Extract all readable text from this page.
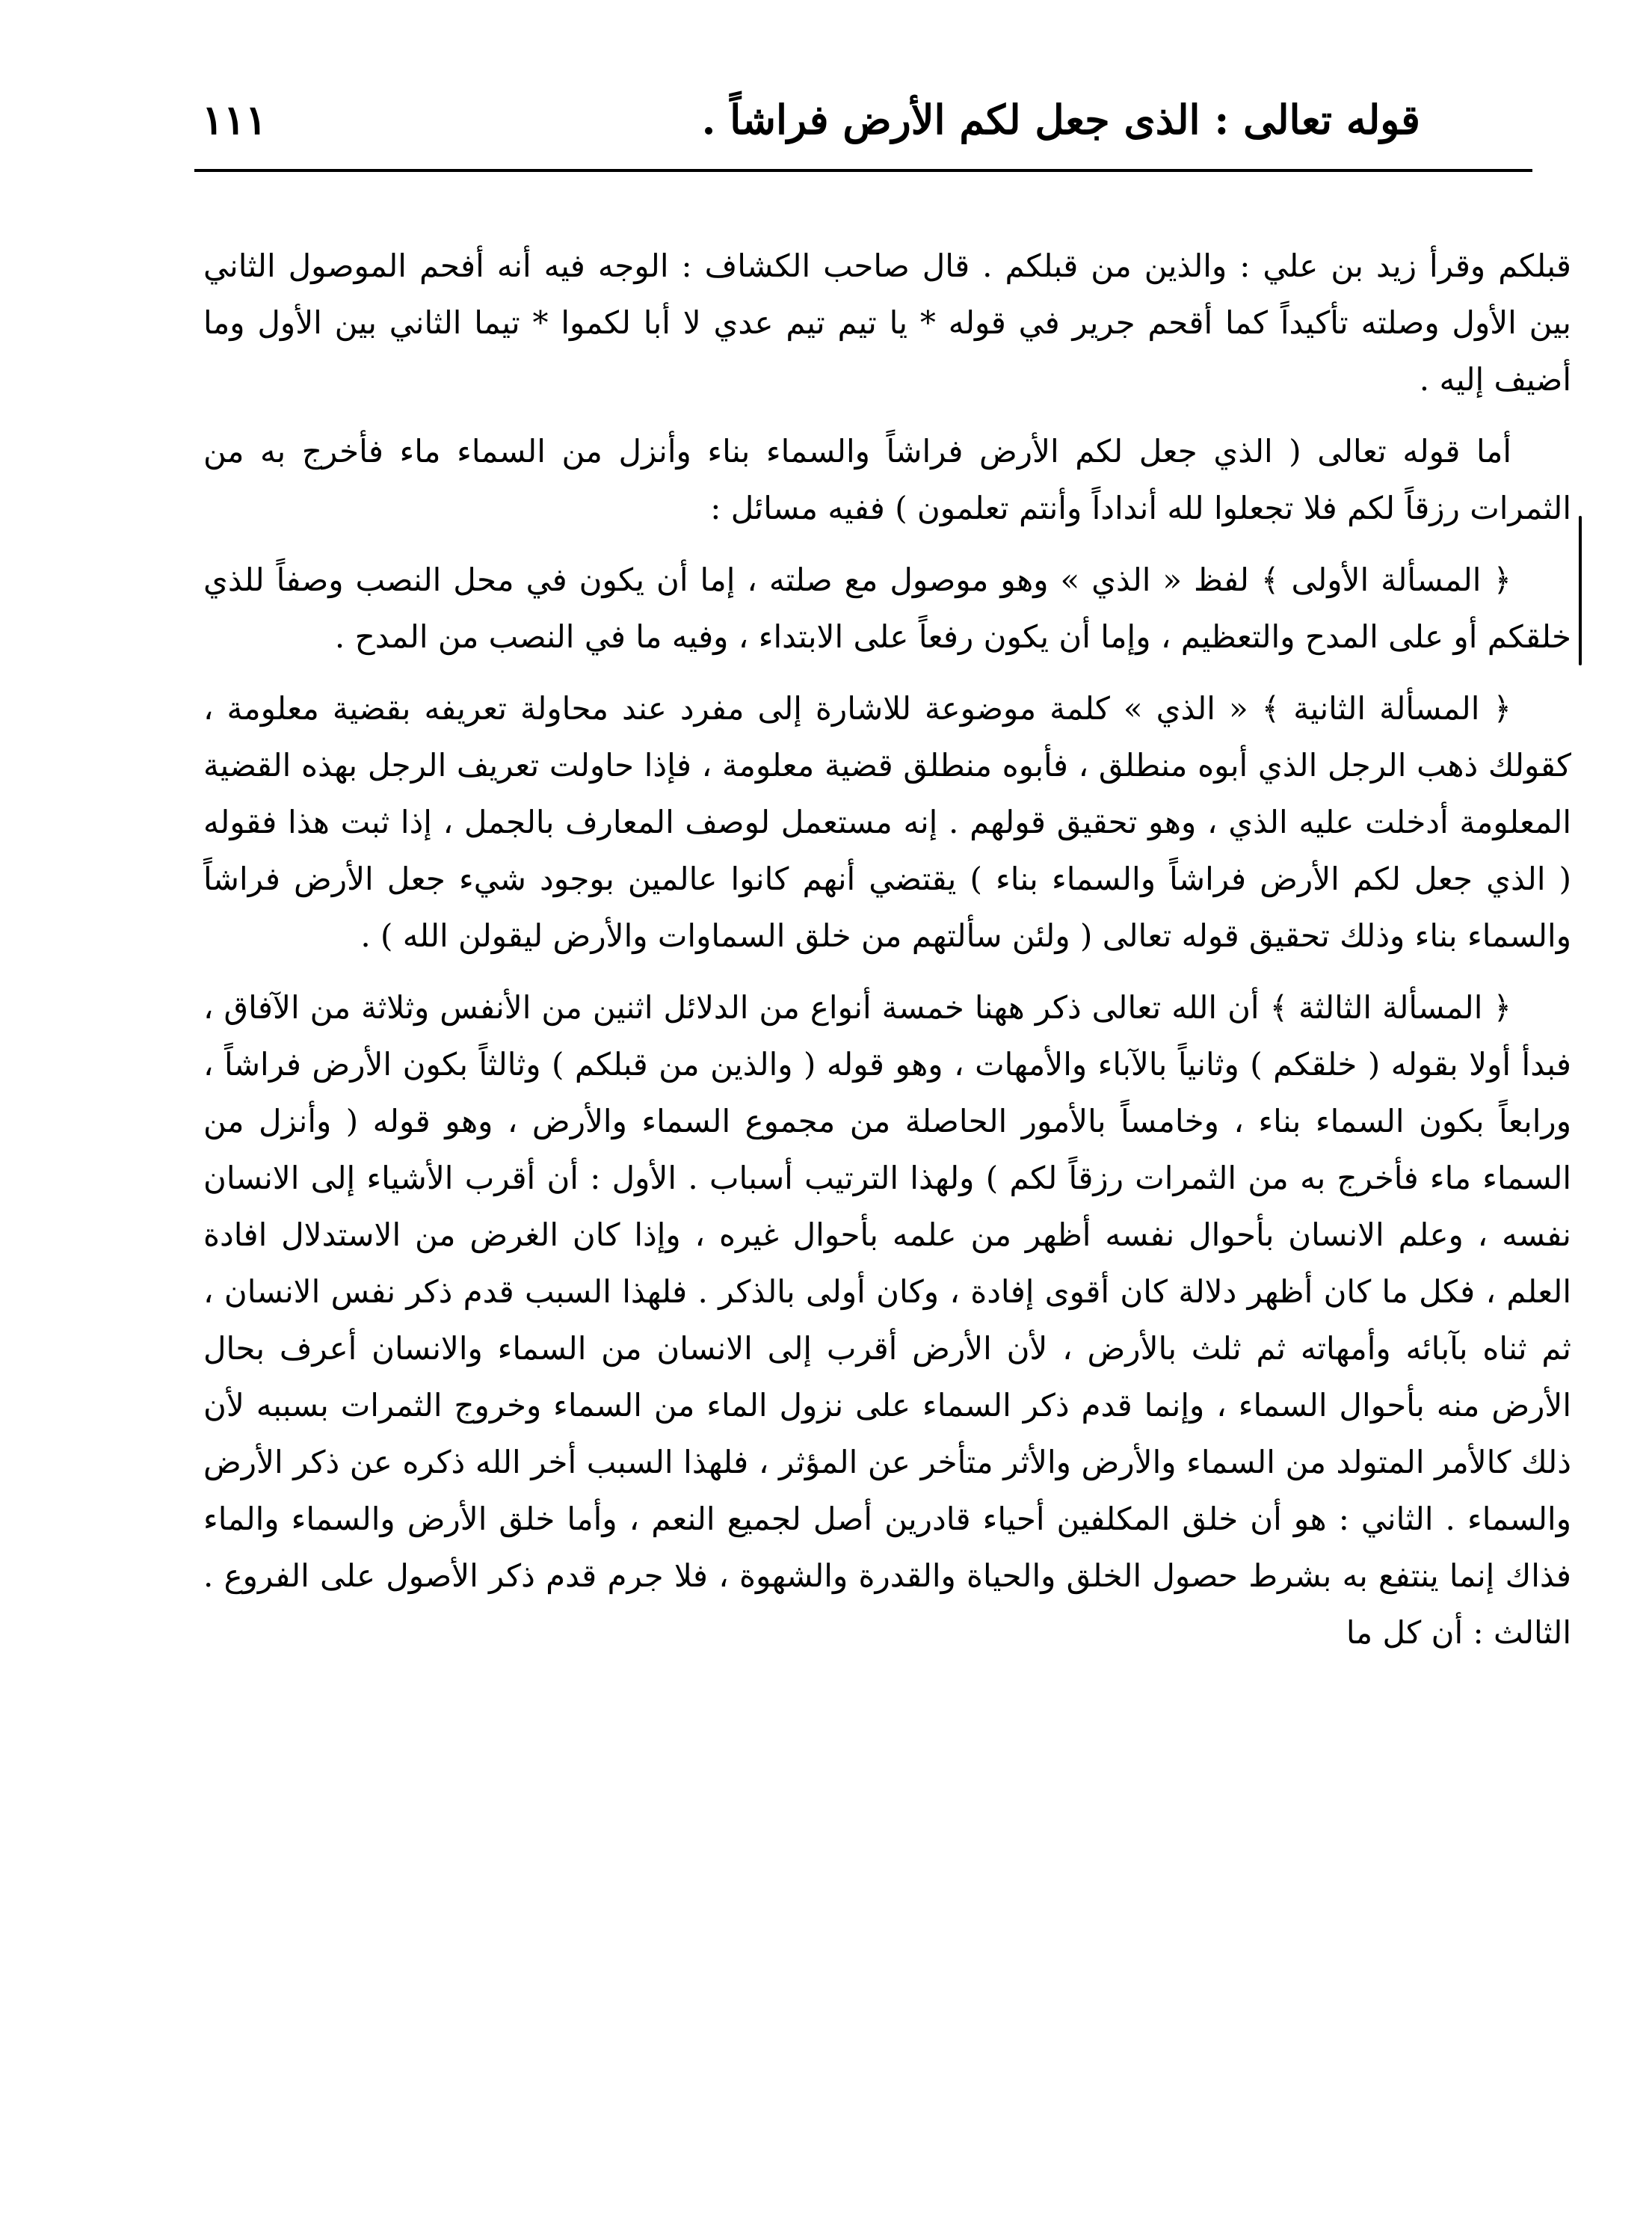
قوله تعالى : الذى جعل لكم الأرض فراشاً .
١١١

قبلكم وقرأ زيد بن علي : والذين من قبلكم . قال صاحب الكشاف : الوجه فيه أنه أفحم الموصول الثاني بين الأول وصلته تأكيداً كما أقحم جرير في قوله * يا تيم تيم عدي لا أبا لكموا * تيما الثاني بين الأول وما أضيف إليه .

أما قوله تعالى ( الذي جعل لكم الأرض فراشاً والسماء بناء وأنزل من السماء ماء فأخرج به من الثمرات رزقاً لكم فلا تجعلوا لله أنداداً وأنتم تعلمون ) ففيه مسائل :

﴿ المسألة الأولى ﴾ لفظ « الذي » وهو موصول مع صلته ، إما أن يكون في محل النصب وصفاً للذي خلقكم أو على المدح والتعظيم ، وإما أن يكون رفعاً على الابتداء ، وفيه ما في النصب من المدح .

﴿ المسألة الثانية ﴾ « الذي » كلمة موضوعة للاشارة إلى مفرد عند محاولة تعريفه بقضية معلومة ، كقولك ذهب الرجل الذي أبوه منطلق ، فأبوه منطلق قضية معلومة ، فإذا حاولت تعريف الرجل بهذه القضية المعلومة أدخلت عليه الذي ، وهو تحقيق قولهم . إنه مستعمل لوصف المعارف بالجمل ، إذا ثبت هذا فقوله ( الذي جعل لكم الأرض فراشاً والسماء بناء ) يقتضي أنهم كانوا عالمين بوجود شيء جعل الأرض فراشاً والسماء بناء وذلك تحقيق قوله تعالى ( ولئن سألتهم من خلق السماوات والأرض ليقولن الله ) .

﴿ المسألة الثالثة ﴾ أن الله تعالى ذكر ههنا خمسة أنواع من الدلائل اثنين من الأنفس وثلاثة من الآفاق ، فبدأ أولا بقوله ( خلقكم ) وثانياً بالآباء والأمهات ، وهو قوله ( والذين من قبلكم ) وثالثاً بكون الأرض فراشاً ، ورابعاً بكون السماء بناء ، وخامساً بالأمور الحاصلة من مجموع السماء والأرض ، وهو قوله ( وأنزل من السماء ماء فأخرج به من الثمرات رزقاً لكم ) ولهذا الترتيب أسباب . الأول : أن أقرب الأشياء إلى الانسان نفسه ، وعلم الانسان بأحوال نفسه أظهر من علمه بأحوال غيره ، وإذا كان الغرض من الاستدلال افادة العلم ، فكل ما كان أظهر دلالة كان أقوى إفادة ، وكان أولى بالذكر . فلهذا السبب قدم ذكر نفس الانسان ، ثم ثناه بآبائه وأمهاته ثم ثلث بالأرض ، لأن الأرض أقرب إلى الانسان من السماء والانسان أعرف بحال الأرض منه بأحوال السماء ، وإنما قدم ذكر السماء على نزول الماء من السماء وخروج الثمرات بسببه لأن ذلك كالأمر المتولد من السماء والأرض والأثر متأخر عن المؤثر ، فلهذا السبب أخر الله ذكره عن ذكر الأرض والسماء . الثاني : هو أن خلق المكلفين أحياء قادرين أصل لجميع النعم ، وأما خلق الأرض والسماء والماء فذاك إنما ينتفع به بشرط حصول الخلق والحياة والقدرة والشهوة ، فلا جرم قدم ذكر الأصول على الفروع . الثالث : أن كل ما
